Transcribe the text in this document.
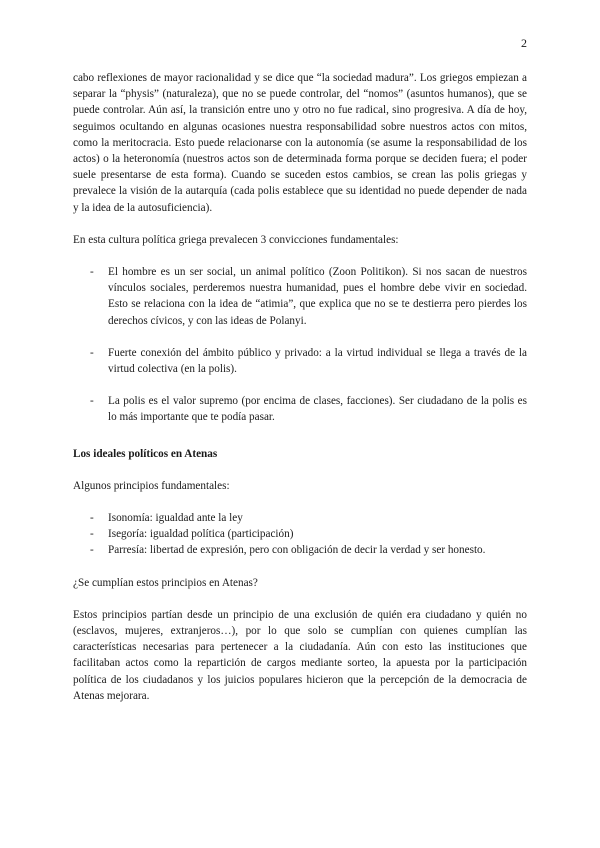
2

cabo reflexiones de mayor racionalidad y se dice que “la sociedad madura”. Los griegos empiezan a separar la “physis” (naturaleza), que no se puede controlar, del “nomos” (asuntos humanos), que se puede controlar. Aún así, la transición entre uno y otro no fue radical, sino progresiva. A día de hoy, seguimos ocultando en algunas ocasiones nuestra responsabilidad sobre nuestros actos con mitos, como la meritocracia. Esto puede relacionarse con la autonomía (se asume la responsabilidad de los actos) o la heteronomía (nuestros actos son de determinada forma porque se deciden fuera; el poder suele presentarse de esta forma). Cuando se suceden estos cambios, se crean las polis griegas y prevalece la visión de la autarquía (cada polis establece que su identidad no puede depender de nada y la idea de la autosuficiencia).

En esta cultura política griega prevalecen 3 convicciones fundamentales:

- El hombre es un ser social, un animal político (Zoon Politikon). Si nos sacan de nuestros vínculos sociales, perderemos nuestra humanidad, pues el hombre debe vivir en sociedad. Esto se relaciona con la idea de “atimia”, que explica que no se te destierra pero pierdes los derechos cívicos, y con las ideas de Polanyi.
- Fuerte conexión del ámbito público y privado: a la virtud individual se llega a través de la virtud colectiva (en la polis).
- La polis es el valor supremo (por encima de clases, facciones). Ser ciudadano de la polis es lo más importante que te podía pasar.

Los ideales políticos en Atenas

Algunos principios fundamentales:

- Isonomía: igualdad ante la ley
- Isegoría: igualdad política (participación)
- Parresía: libertad de expresión, pero con obligación de decir la verdad y ser honesto.

¿Se cumplían estos principios en Atenas?

Estos principios partían desde un principio de una exclusión de quién era ciudadano y quién no (esclavos, mujeres, extranjeros…), por lo que solo se cumplían con quienes cumplían las características necesarias para pertenecer a la ciudadanía. Aún con esto las instituciones que facilitaban actos como la repartición de cargos mediante sorteo, la apuesta por la participación política de los ciudadanos y los juicios populares hicieron que la percepción de la democracia de Atenas mejorara.
